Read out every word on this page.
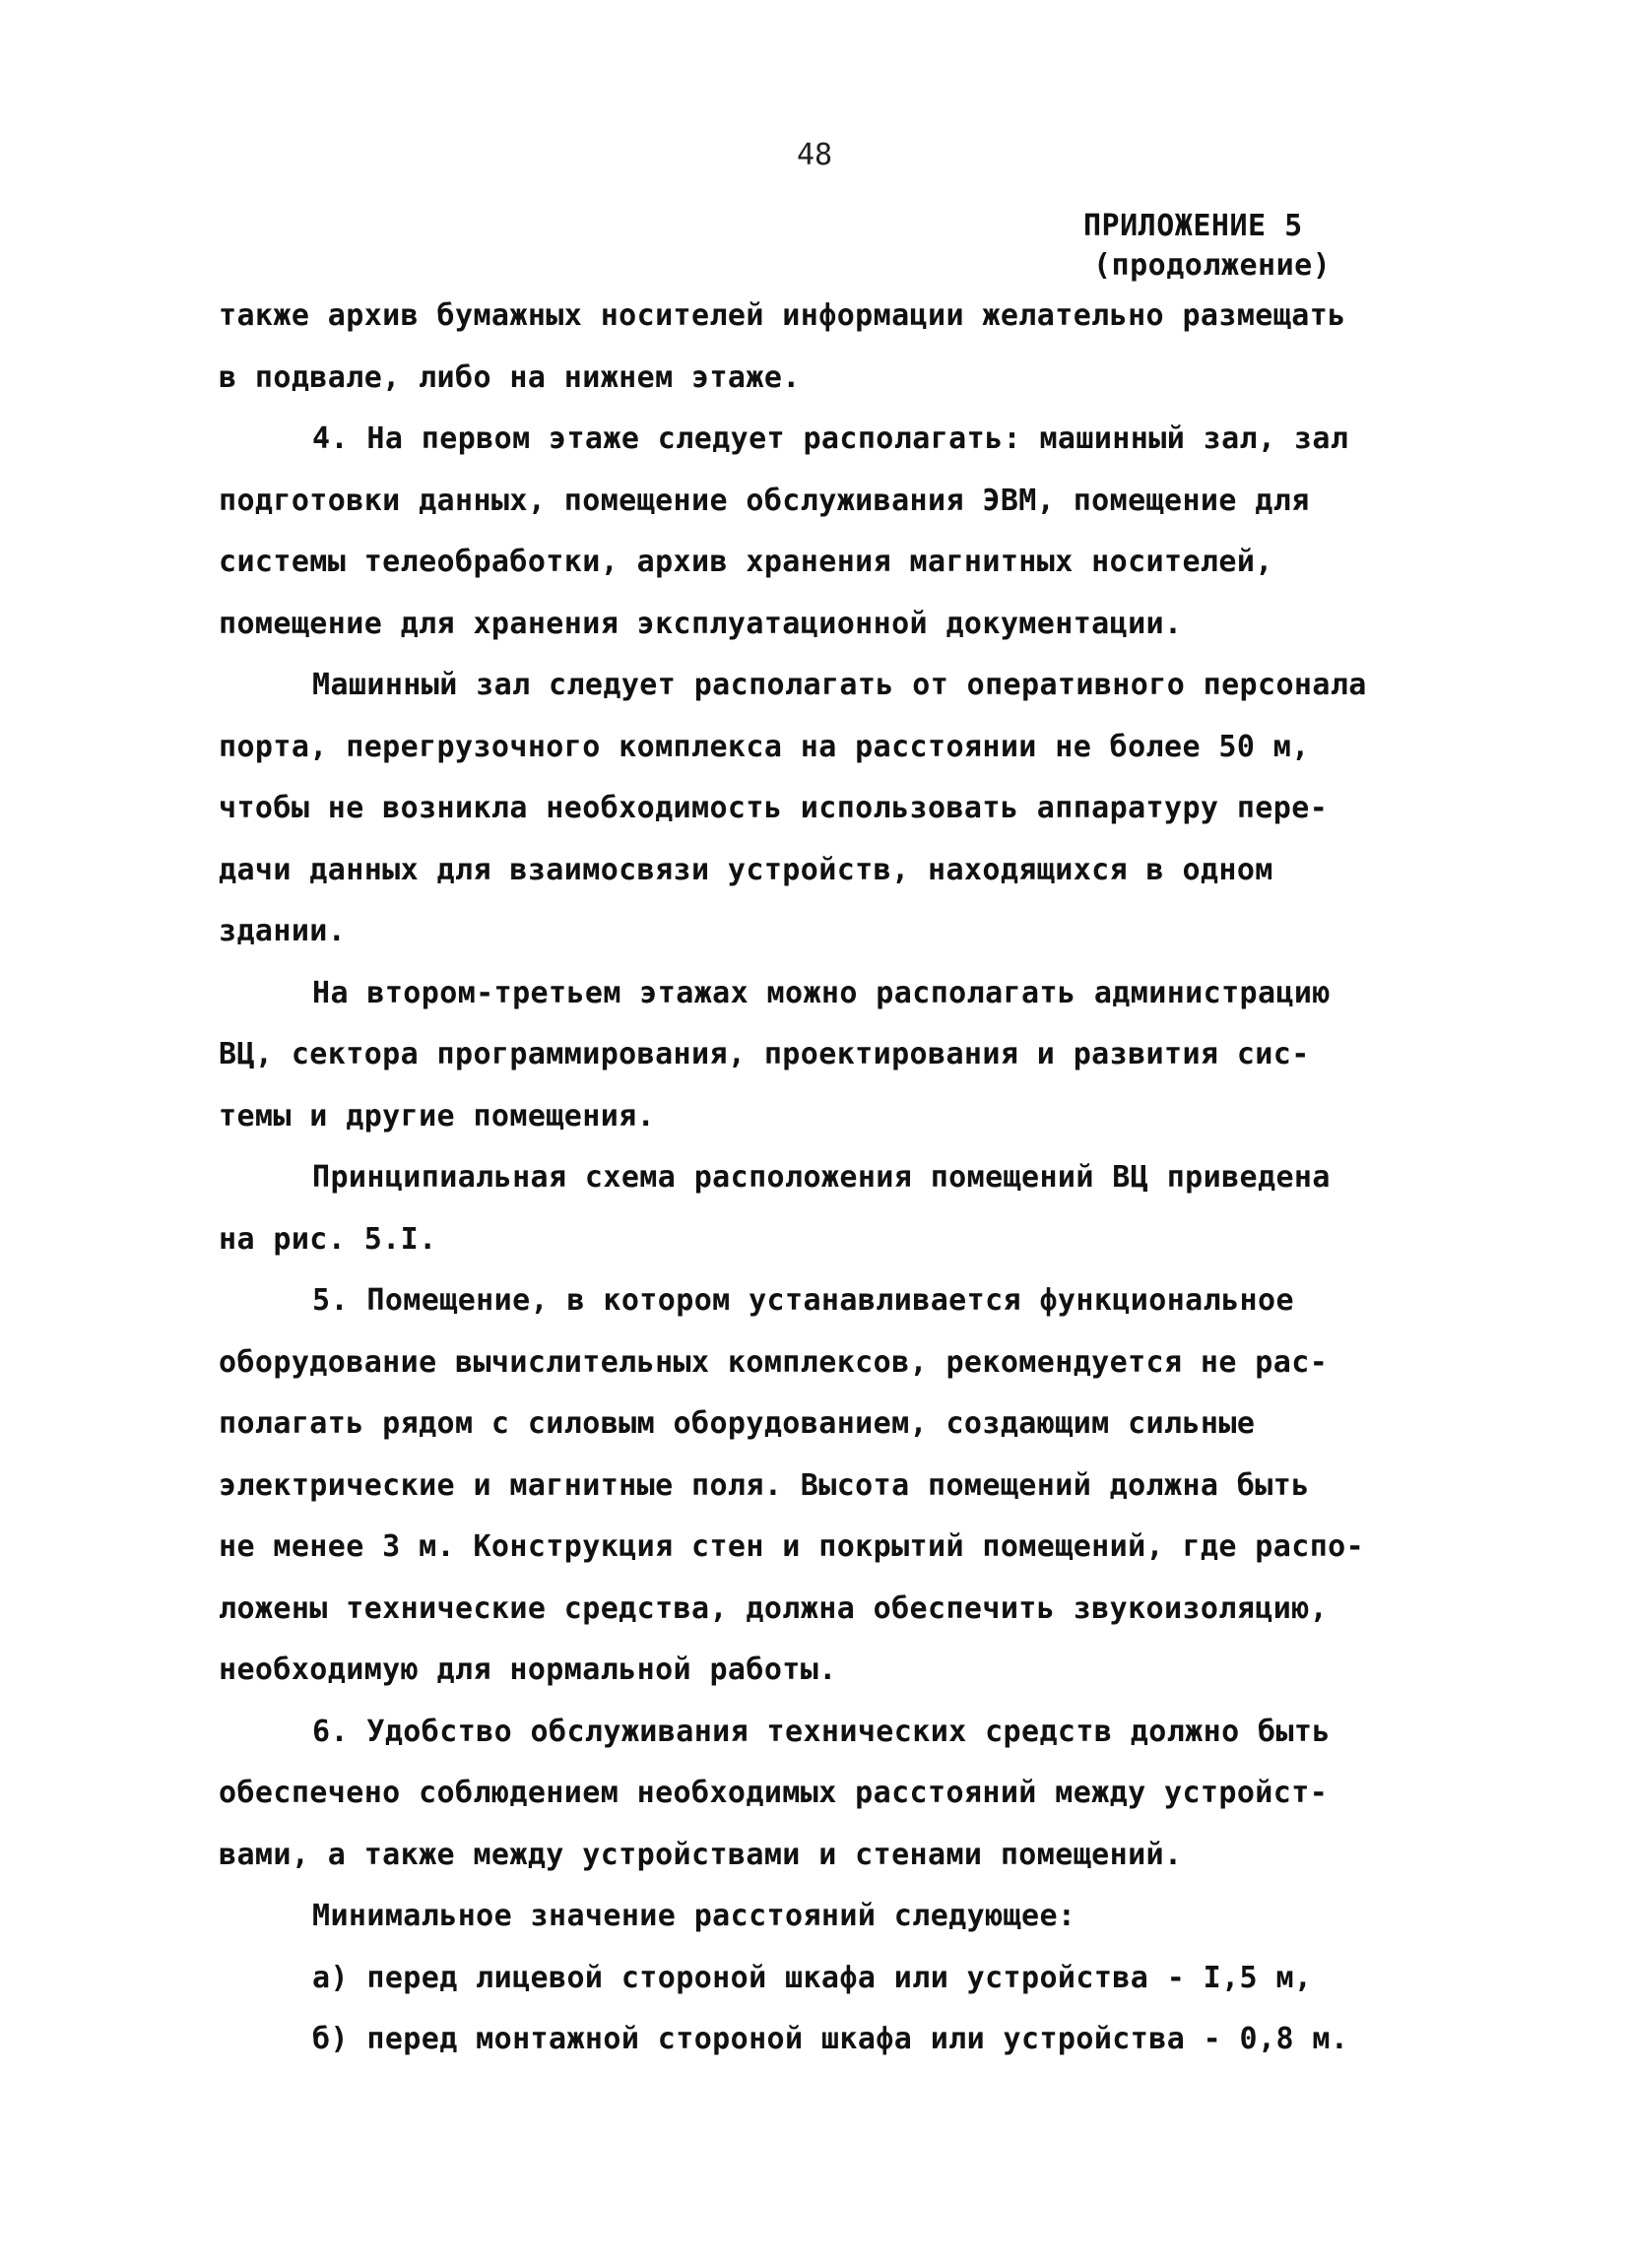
48
ПРИЛОЖЕНИЕ 5
(продолжение)
также архив бумажных носителей информации желательно размещать
в подвале, либо на нижнем этаже.
4. На первом этаже следует располагать: машинный зал, зал
подготовки данных, помещение обслуживания ЭВМ, помещение для
системы телеобработки, архив хранения магнитных носителей,
помещение для хранения эксплуатационной документации.
Машинный зал следует располагать от оперативного персонала
порта, перегрузочного комплекса на расстоянии не более 50 м,
чтобы не возникла необходимость использовать аппаратуру пере-
дачи данных для взаимосвязи устройств, находящихся в одном
здании.
На втором-третьем этажах можно располагать администрацию
ВЦ, сектора программирования, проектирования и развития сис-
темы и другие помещения.
Принципиальная схема расположения помещений ВЦ приведена
на рис. 5.I.
5. Помещение, в котором устанавливается функциональное
оборудование вычислительных комплексов, рекомендуется не рас-
полагать рядом с силовым оборудованием, создающим сильные
электрические и магнитные поля. Высота помещений должна быть
не менее 3 м. Конструкция стен и покрытий помещений, где распо-
ложены технические средства, должна обеспечить звукоизоляцию,
необходимую для нормальной работы.
6. Удобство обслуживания технических средств должно быть
обеспечено соблюдением необходимых расстояний между устройст-
вами, а также между устройствами и стенами помещений.
Минимальное значение расстояний следующее:
а) перед лицевой стороной шкафа или устройства - I,5 м,
б) перед монтажной стороной шкафа или устройства - 0,8 м.
